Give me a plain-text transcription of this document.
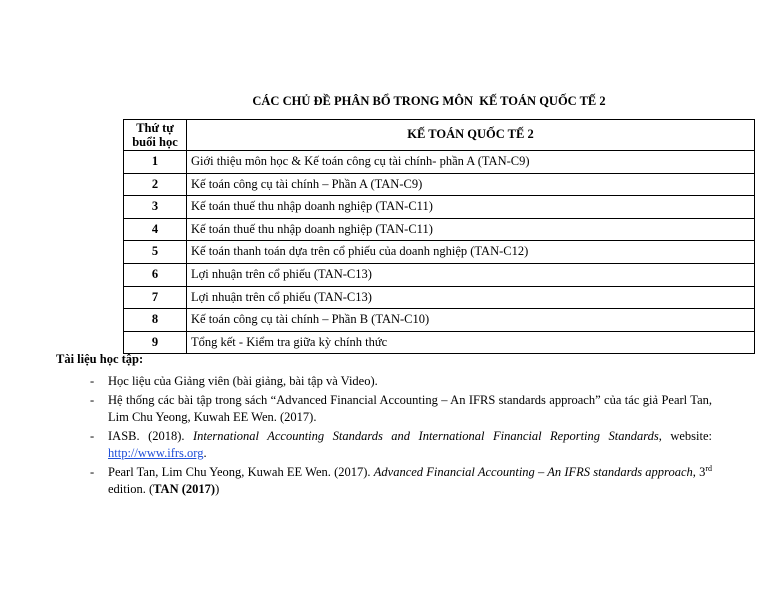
CÁC CHỦ ĐỀ PHÂN BỔ TRONG MÔN  KẾ TOÁN QUỐC TẾ 2
Thứ tự
buổi học	KẾ TOÁN QUỐC TẾ 2
1	Giới thiệu môn học & Kế toán công cụ tài chính- phần A (TAN-C9)
2	Kế toán công cụ tài chính – Phần A (TAN-C9)
3	Kế toán thuế thu nhập doanh nghiệp (TAN-C11)
4	Kế toán thuế thu nhập doanh nghiệp (TAN-C11)
5	Kế toán thanh toán dựa trên cổ phiếu của doanh nghiệp (TAN-C12)
6	Lợi nhuận trên cổ phiếu (TAN-C13)
7	Lợi nhuận trên cổ phiếu (TAN-C13)
8	Kế toán công cụ tài chính – Phần B (TAN-C10)
9	Tổng kết - Kiểm tra giữa kỳ chính thức
Tài liệu học tập:
- Học liệu của Giảng viên (bài giảng, bài tập và Video).
- Hệ thống các bài tập trong sách “Advanced Financial Accounting – An IFRS standards approach” của tác giả Pearl Tan, Lim Chu Yeong, Kuwah EE Wen. (2017).
- IASB. (2018). International Accounting Standards and International Financial Reporting Standards, website: http://www.ifrs.org.
- Pearl Tan, Lim Chu Yeong, Kuwah EE Wen. (2017). Advanced Financial Accounting – An IFRS standards approach, 3rd edition. (TAN (2017))
